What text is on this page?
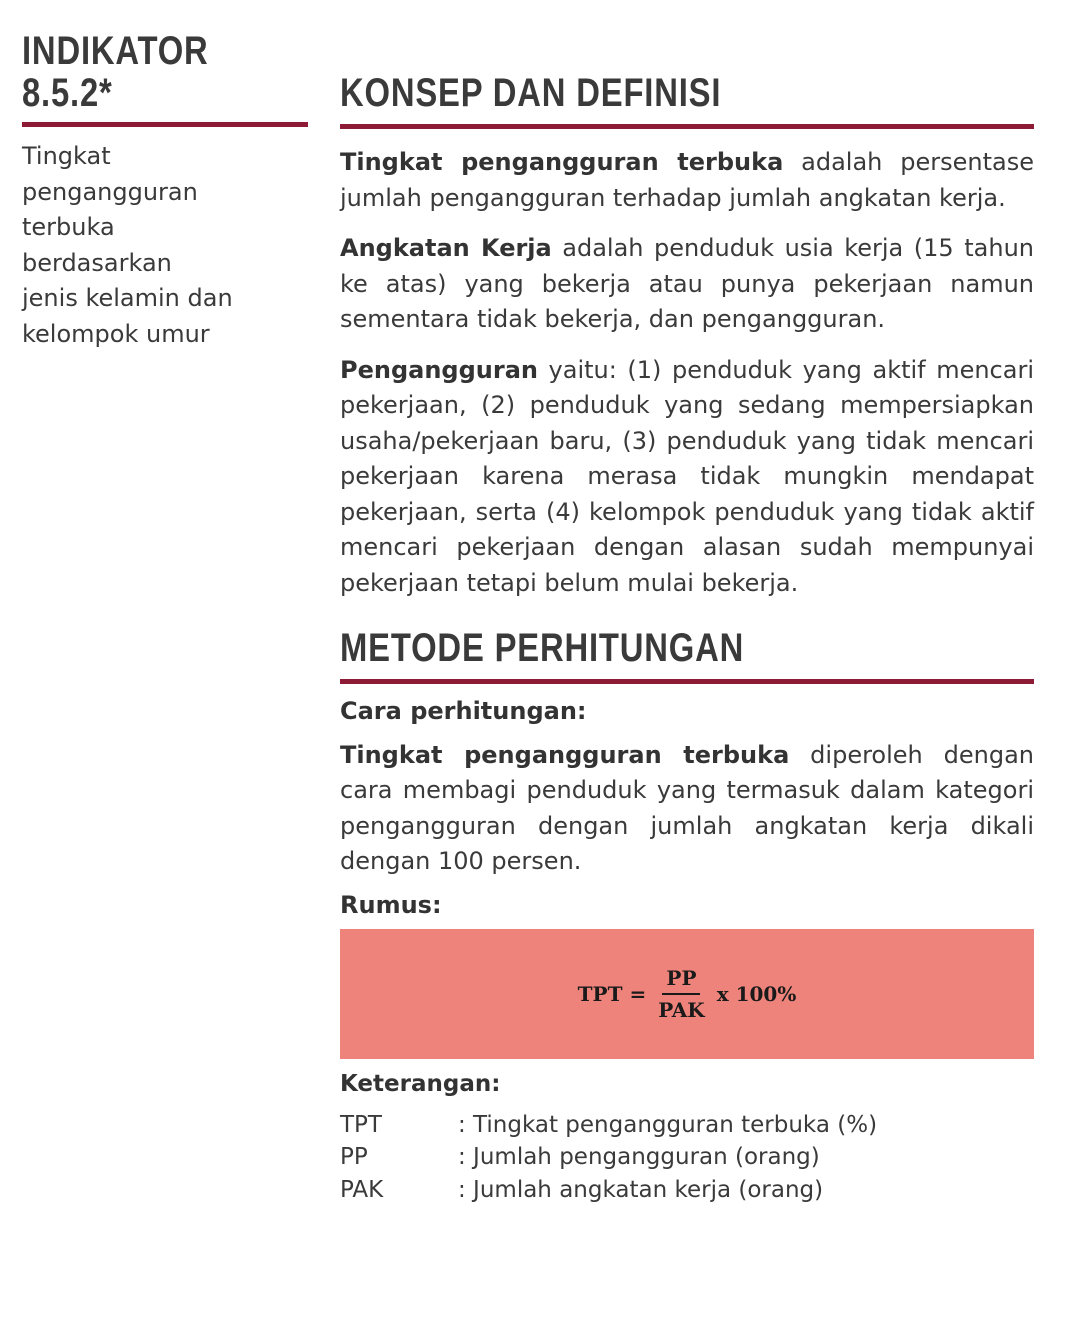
INDIKATOR
8.5.2*
Tingkat
pengangguran
terbuka
berdasarkan
jenis kelamin dan
kelompok umur
KONSEP DAN DEFINISI

Tingkat pengangguran terbuka adalah persentase jumlah pengangguran terhadap jumlah angkatan kerja.

Angkatan Kerja adalah penduduk usia kerja (15 tahun ke atas) yang bekerja atau punya pekerjaan namun sementara tidak bekerja, dan pengangguran.

Pengangguran yaitu: (1) penduduk yang aktif mencari pekerjaan, (2) penduduk yang sedang mempersiapkan usaha/pekerjaan baru, (3) penduduk yang tidak mencari pekerjaan karena merasa tidak mungkin mendapat pekerjaan, serta (4) kelompok penduduk yang tidak aktif mencari pekerjaan dengan alasan sudah mempunyai pekerjaan tetapi belum mulai bekerja.

METODE PERHITUNGAN

Cara perhitungan:

Tingkat pengangguran terbuka diperoleh dengan cara membagi penduduk yang termasuk dalam kategori pengangguran dengan jumlah angkatan kerja dikali dengan 100 persen.

Rumus:

TPT = $\frac{PP}{\text{PAK}}$ x 100%

Keterangan:

TPT	: Tingkat pengangguran terbuka (%)
PP	: Jumlah pengangguran (orang)
PAK	: Jumlah angkatan kerja (orang)
